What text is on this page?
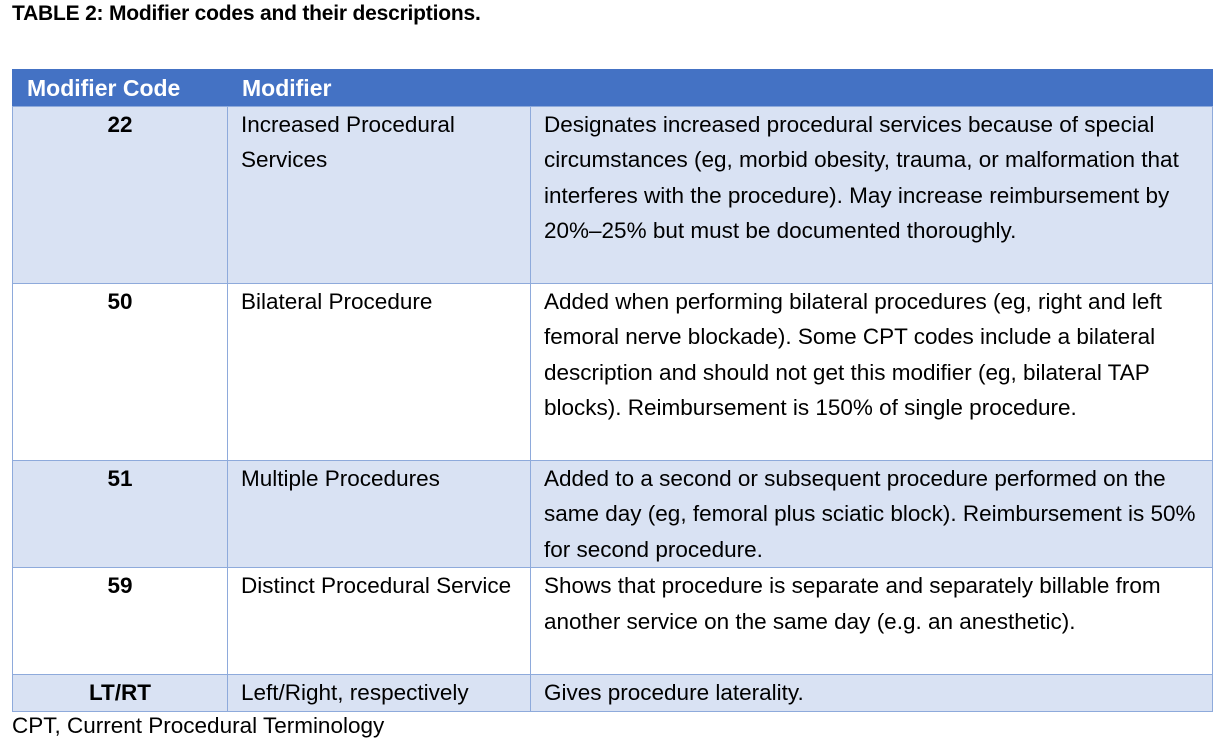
TABLE 2: Modifier codes and their descriptions.
Modifier Code	Modifier	
22	Increased Procedural Services	Designates increased procedural services because of special circumstances (eg, morbid obesity, trauma, or malformation that interferes with the procedure). May increase reimbursement by 20%–25% but must be documented thoroughly.
50	Bilateral Procedure	Added when performing bilateral procedures (eg, right and left femoral nerve blockade). Some CPT codes include a bilateral description and should not get this modifier (eg, bilateral TAP blocks). Reimbursement is 150% of single procedure.
51	Multiple Procedures	Added to a second or subsequent procedure performed on the same day (eg, femoral plus sciatic block). Reimbursement is 50% for second procedure.
59	Distinct Procedural Service	Shows that procedure is separate and separately billable from another service on the same day (e.g. an anesthetic).
LT/RT	Left/Right, respectively	Gives procedure laterality.
CPT, Current Procedural Terminology
